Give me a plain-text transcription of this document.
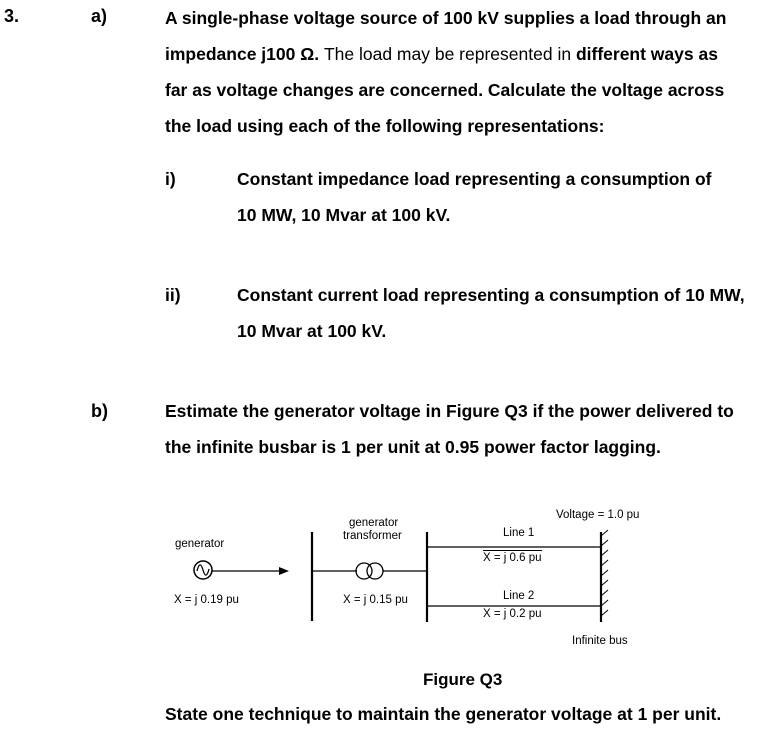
3.	a)	A single-phase voltage source of 100 kV supplies a load through an
impedance j100 Ω. The load may be represented in different ways as
far as voltage changes are concerned. Calculate the voltage across
the load using each of the following representations:
i)	Constant impedance load representing a consumption of
10 MW, 10 Mvar at 100 kV.
ii)	Constant current load representing a consumption of 10 MW,
10 Mvar at 100 kV.
b)	Estimate the generator voltage in Figure Q3 if the power delivered to
the infinite busbar is 1 per unit at 0.95 power factor lagging.
generator
X = j 0.19 pu
generator
transformer
X = j 0.15 pu
Line 1
X = j 0.6 pu
Line 2
X = j 0.2 pu
Voltage = 1.0 pu
Infinite bus
Figure Q3
State one technique to maintain the generator voltage at 1 per unit.
